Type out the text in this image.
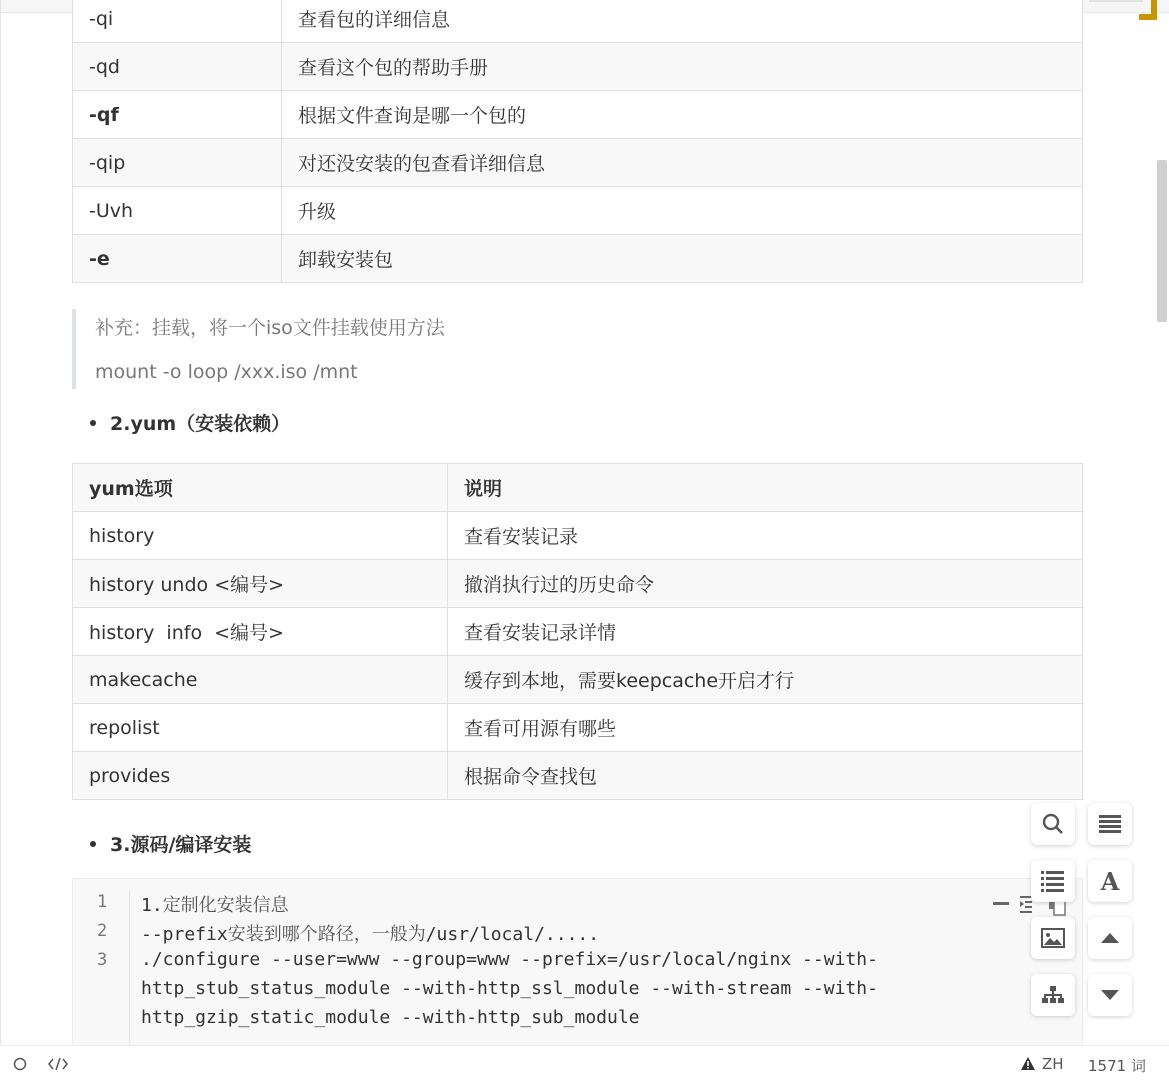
-qi	查看包的详细信息
-qd	查看这个包的帮助手册
-qf	根据文件查询是哪一个包的
-qip	对还没安装的包查看详细信息
-Uvh	升级
-e	卸载安装包

补充：挂载，将一个iso文件挂载使用方法

mount -o loop /xxx.iso /mnt

2.yum（安装依赖）
yum选项	说明
history	查看安装记录
history undo <编号>	撤消执行过的历史命令
history  info  <编号>	查看安装记录详情
makecache	缓存到本地，需要keepcache开启才行
repolist	查看可用源有哪些
provides	根据命令查找包
3.源码/编译安装
1
2
3
1.定制化安装信息
--prefix安装到哪个路径，一般为/usr/local/.....
./configure --user=www --group=www --prefix=/usr/local/nginx --with-
http_stub_status_module --with-http_ssl_module --with-stream --with-
http_gzip_static_module --with-http_sub_module
A
ZH 1571 词
